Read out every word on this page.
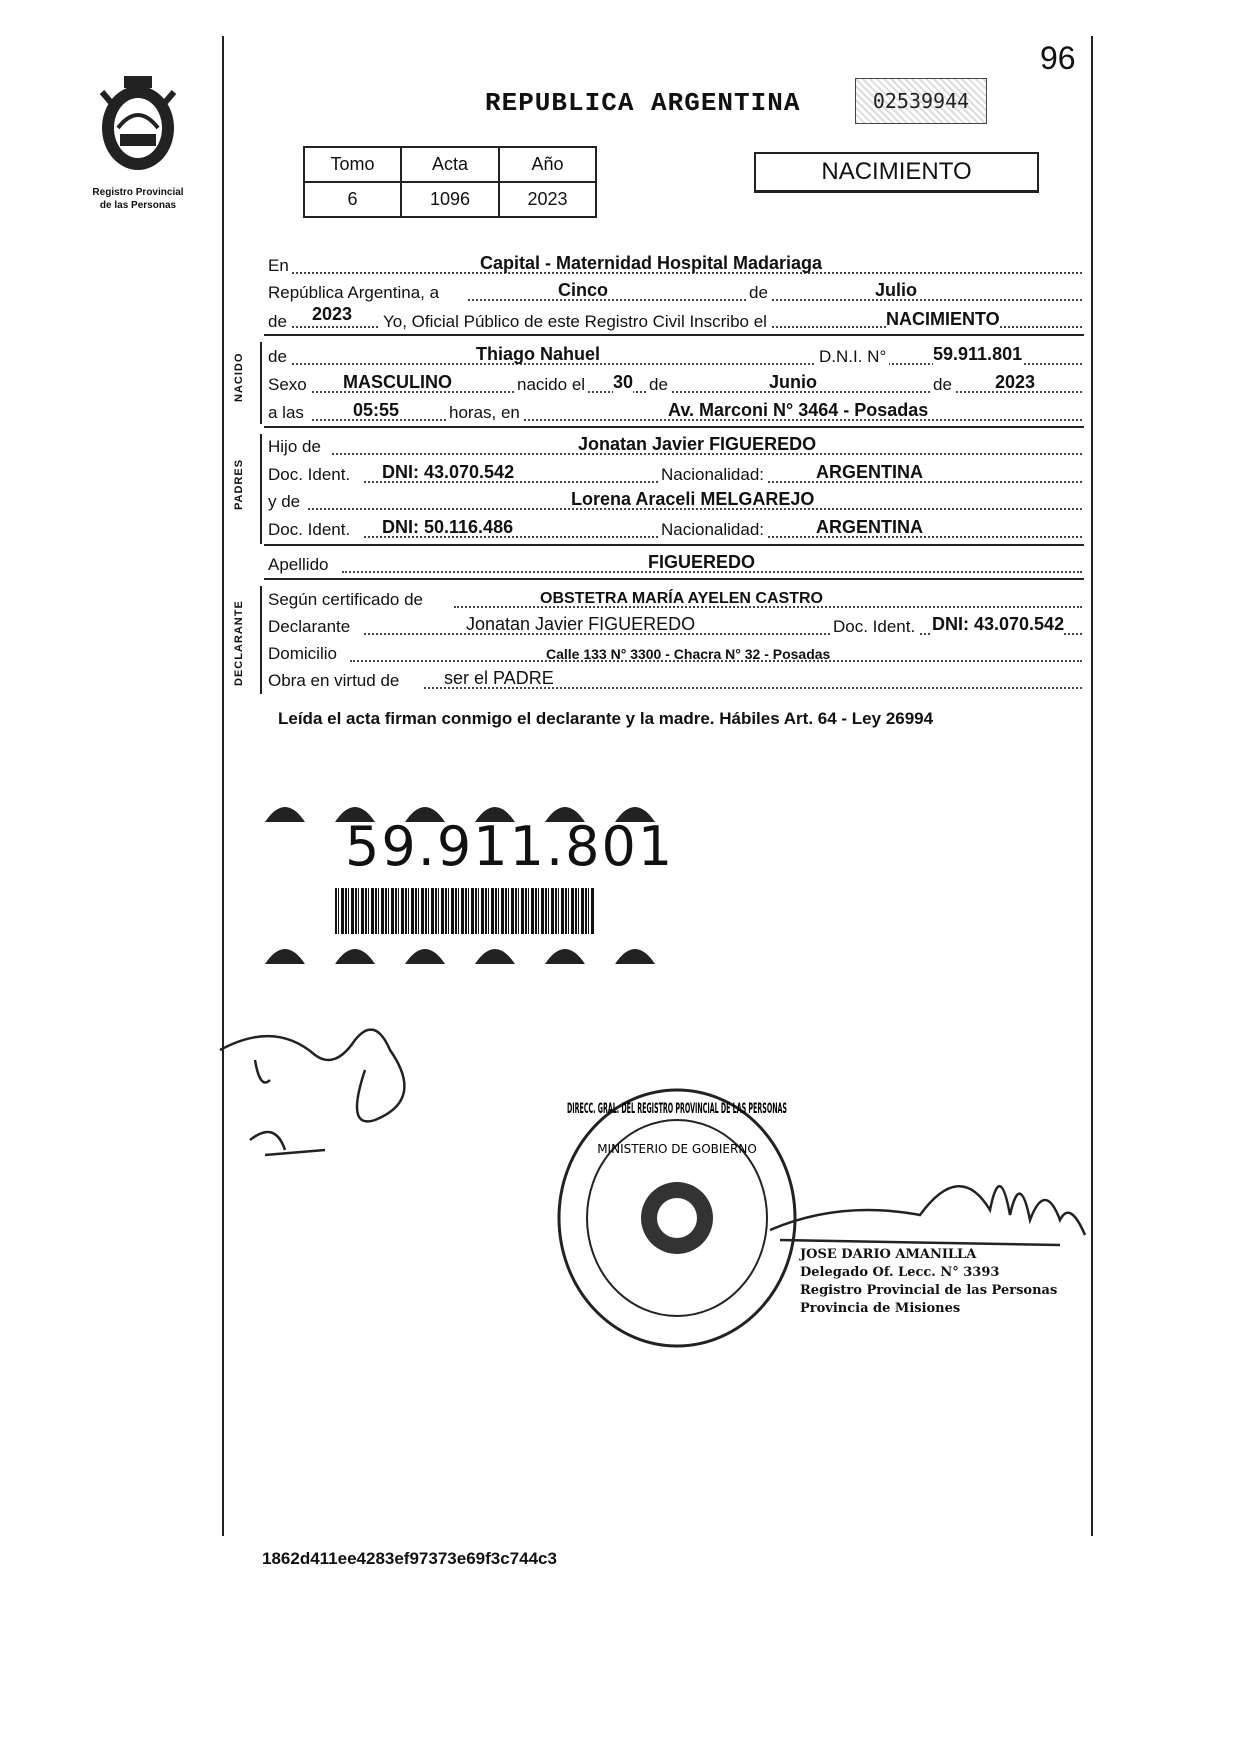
Registro Provincial
de las Personas
96
REPUBLICA ARGENTINA	02539944
Tomo	Acta	Año
6	1096	2023
NACIMIENTO
En	Capital - Maternidad Hospital Madariaga
República Argentina, a	Cinco	de	Julio
de 2023 Yo, Oficial Público de este Registro Civil Inscribo el	NACIMIENTO
NACIDO de	Thiago Nahuel	D.N.I. N°	59.911.801
Sexo MASCULINO	nacido el 30 de	Junio	de 2023
a las	05:55	horas, en	Av. Marconi N° 3464 - Posadas
PADRES
Hijo de	Jonatan Javier FIGUEREDO
Doc. Ident. DNI: 43.070.542	Nacionalidad:	ARGENTINA
y de	Lorena Araceli MELGAREJO
Doc. Ident. DNI: 50.116.486	Nacionalidad:	ARGENTINA
Apellido	FIGUEREDO
DECLARANTE
Según certificado de	OBSTETRA MARÍA AYELEN CASTRO
Declarante	Jonatan Javier FIGUEREDO	Doc. Ident. DNI: 43.070.542
Domicilio	Calle 133 N° 3300 - Chacra N° 32 - Posadas
Obra en virtud de ser el PADRE
Leída el acta firman conmigo el declarante y la madre. Hábiles Art. 64 - Ley 26994
59.911.801
DIRECC. GRAL. DEL REGISTRO PROVINCIAL DE LAS PERSONAS
MINISTERIO DE GOBIERNO
JOSE DARIO AMANILLA
Delegado Of. Lecc. N° 3393
Registro Provincial de las Personas
Provincia de Misiones
1862d411ee4283ef97373e69f3c744c3
